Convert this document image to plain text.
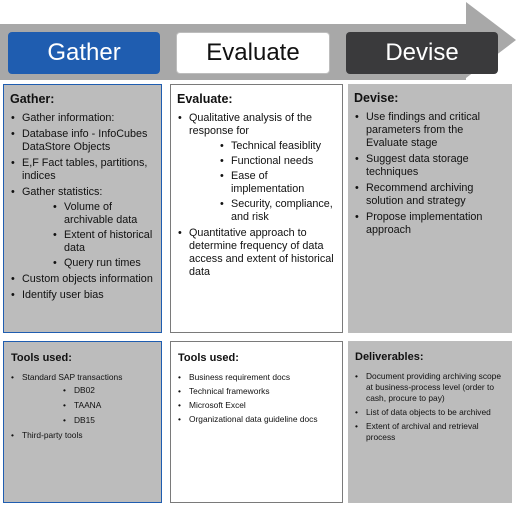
Gather	Evaluate	Devise
Gather:
• Gather information:
• Database info - InfoCubes DataStore Objects
• E,F Fact tables, partitions, indices
• Gather statistics:
• Volume of archivable data
• Extent of historical data
• Query run times
• Custom objects information
• Identify user bias
Evaluate:
• Qualitative analysis of the response for
• Technical feasiblity
• Functional needs
• Ease of implementation
• Security, compliance, and risk
• Quantitative approach to determine frequency of data access and extent of historical data
Devise:
• Use findings and critical parameters from the Evaluate stage
• Suggest data storage techniques
• Recommend archiving solution and strategy
• Propose implementation approach
Tools used:
• Standard SAP transactions
• DB02
• TAANA
• DB15
• Third-party tools
Tools used:
• Business requirement docs
• Technical frameworks
• Microsoft Excel
• Organizational data guideline docs
Deliverables:
• Document providing archiving scope at business-process level (order to cash, procure to pay)
• List of data objects to be archived
• Extent of archival and retrieval process
